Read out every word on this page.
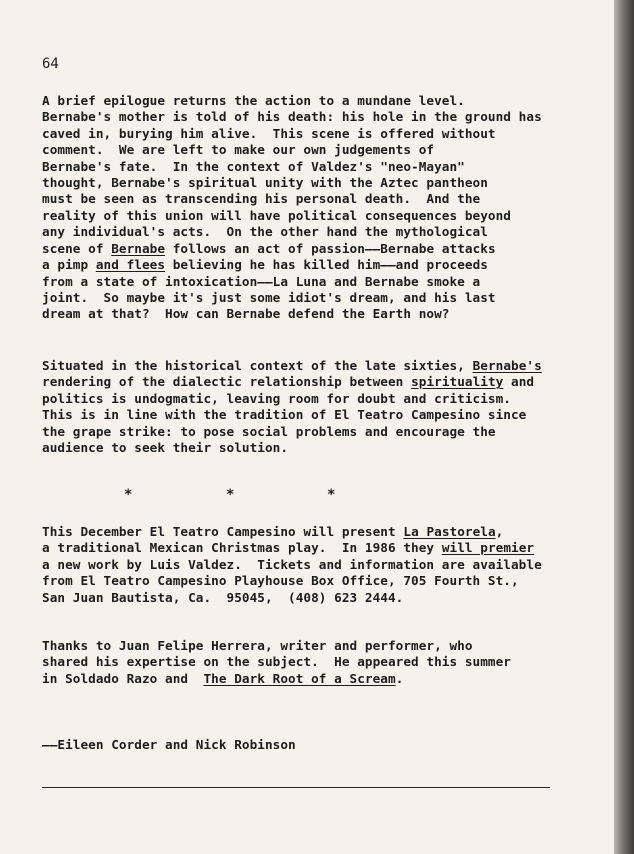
64
A brief epilogue returns the action to a mundane level.
Bernabe's mother is told of his death: his hole in the ground has
caved in, burying him alive.  This scene is offered without
comment.  We are left to make our own judgements of
Bernabe's fate.  In the context of Valdez's "neo-Mayan"
thought, Bernabe's spiritual unity with the Aztec pantheon
must be seen as transcending his personal death.  And the
reality of this union will have political consequences beyond
any individual's acts.  On the other hand the mythological
scene of Bernabe follows an act of passion——Bernabe attacks
a pimp and flees believing he has killed him——and proceeds
from a state of intoxication——La Luna and Bernabe smoke a
joint.  So maybe it's just some idiot's dream, and his last
dream at that?  How can Bernabe defend the Earth now?
Situated in the historical context of the late sixties, Bernabe's
rendering of the dialectic relationship between spirituality and
politics is undogmatic, leaving room for doubt and criticism.
This is in line with the tradition of El Teatro Campesino since
the grape strike: to pose social problems and encourage the
audience to seek their solution.
*	*	*
This December El Teatro Campesino will present La Pastorela,
a traditional Mexican Christmas play.  In 1986 they will premier
a new work by Luis Valdez.  Tickets and information are available
from El Teatro Campesino Playhouse Box Office, 705 Fourth St.,
San Juan Bautista, Ca.  95045,  (408) 623 2444.
Thanks to Juan Felipe Herrera, writer and performer, who
shared his expertise on the subject.  He appeared this summer
in Soldado Razo and  The Dark Root of a Scream.
——Eileen Corder and Nick Robinson
